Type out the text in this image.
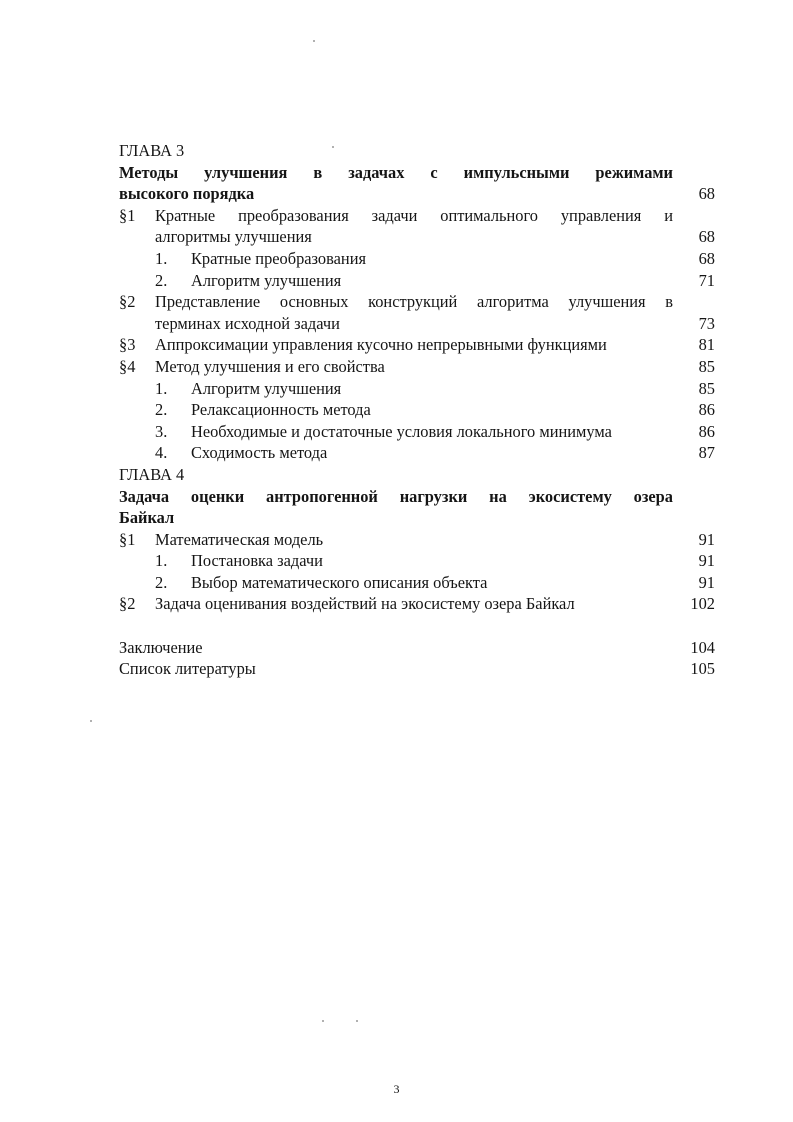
ГЛАВА 3
Методы улучшения в задачах с импульсными режимами
высокого порядка	68
§1 Кратные преобразования задачи оптимального управления и
алгоритмы улучшения	68
1. Кратные преобразования	68
2. Алгоритм улучшения	71
§2 Представление основных конструкций алгоритма улучшения в
терминах исходной задачи	73
§3 Аппроксимации управления кусочно непрерывными функциями	81
§4 Метод улучшения и его свойства	85
1. Алгоритм улучшения	85
2. Релаксационность метода	86
3. Необходимые и достаточные условия локального минимума	86
4. Сходимость метода	87
ГЛАВА 4
Задача оценки антропогенной нагрузки на экосистему озера
Байкал
§1 Математическая модель	91
1. Постановка задачи	91
2. Выбор математического описания объекта	91
§2 Задача оценивания воздействий на экосистему озера Байкал	102
Заключение	104
Список литературы	105
3
